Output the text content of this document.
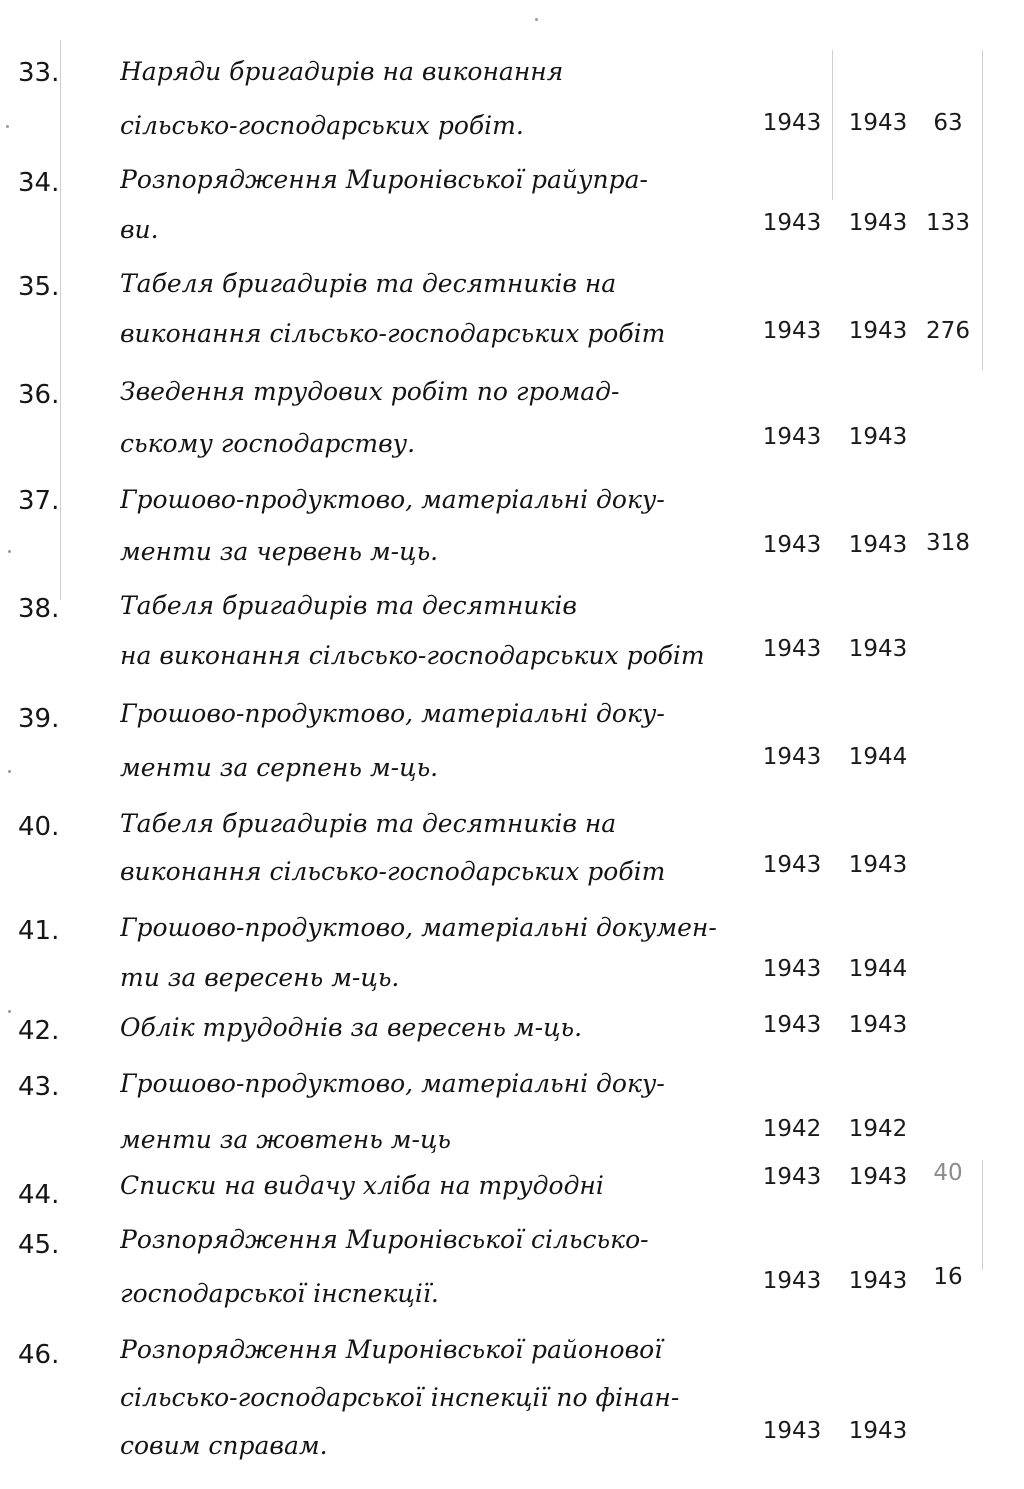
33.	Наряди бригадирів на виконання
сільсько-господарських робіт.	1943	1943	63
34.	Розпорядження Миронівської райупра-
ви.	1943	1943 133
35.	Табеля бригадирів та десятників на
виконання сільсько-господарських робіт	1943	1943 276
36.	Зведення трудових робіт по громад-
ському господарству.	1943	1943
37.	Грошово-продуктово, матеріальні доку-
менти за червень м-ць.	1943	1943 318
38.	Табеля бригадирів та десятників
на виконання сільсько-господарських робіт	1943	1943
39.	Грошово-продуктово, матеріальні доку-
менти за серпень м-ць.	1943	1944
40.	Табеля бригадирів та десятників на
виконання сільсько-господарських робіт	1943	1943
41.	Грошово-продуктово, матеріальні докумен-
ти за вересень м-ць.	1943	1944
42.	Облік трудоднів за вересень м-ць.	1943	1943
43.	Грошово-продуктово, матеріальні доку-
менти за жовтень м-ць	1942	1942
44.	Списки на видачу хліба на трудодні	1943	1943	40
45.	Розпорядження Миронівської сільсько-
господарської інспекції.	1943	1943	16
46.	Розпорядження Миронівської районової
сільсько-господарської інспекції по фінан-
совим справам.	1943	1943
